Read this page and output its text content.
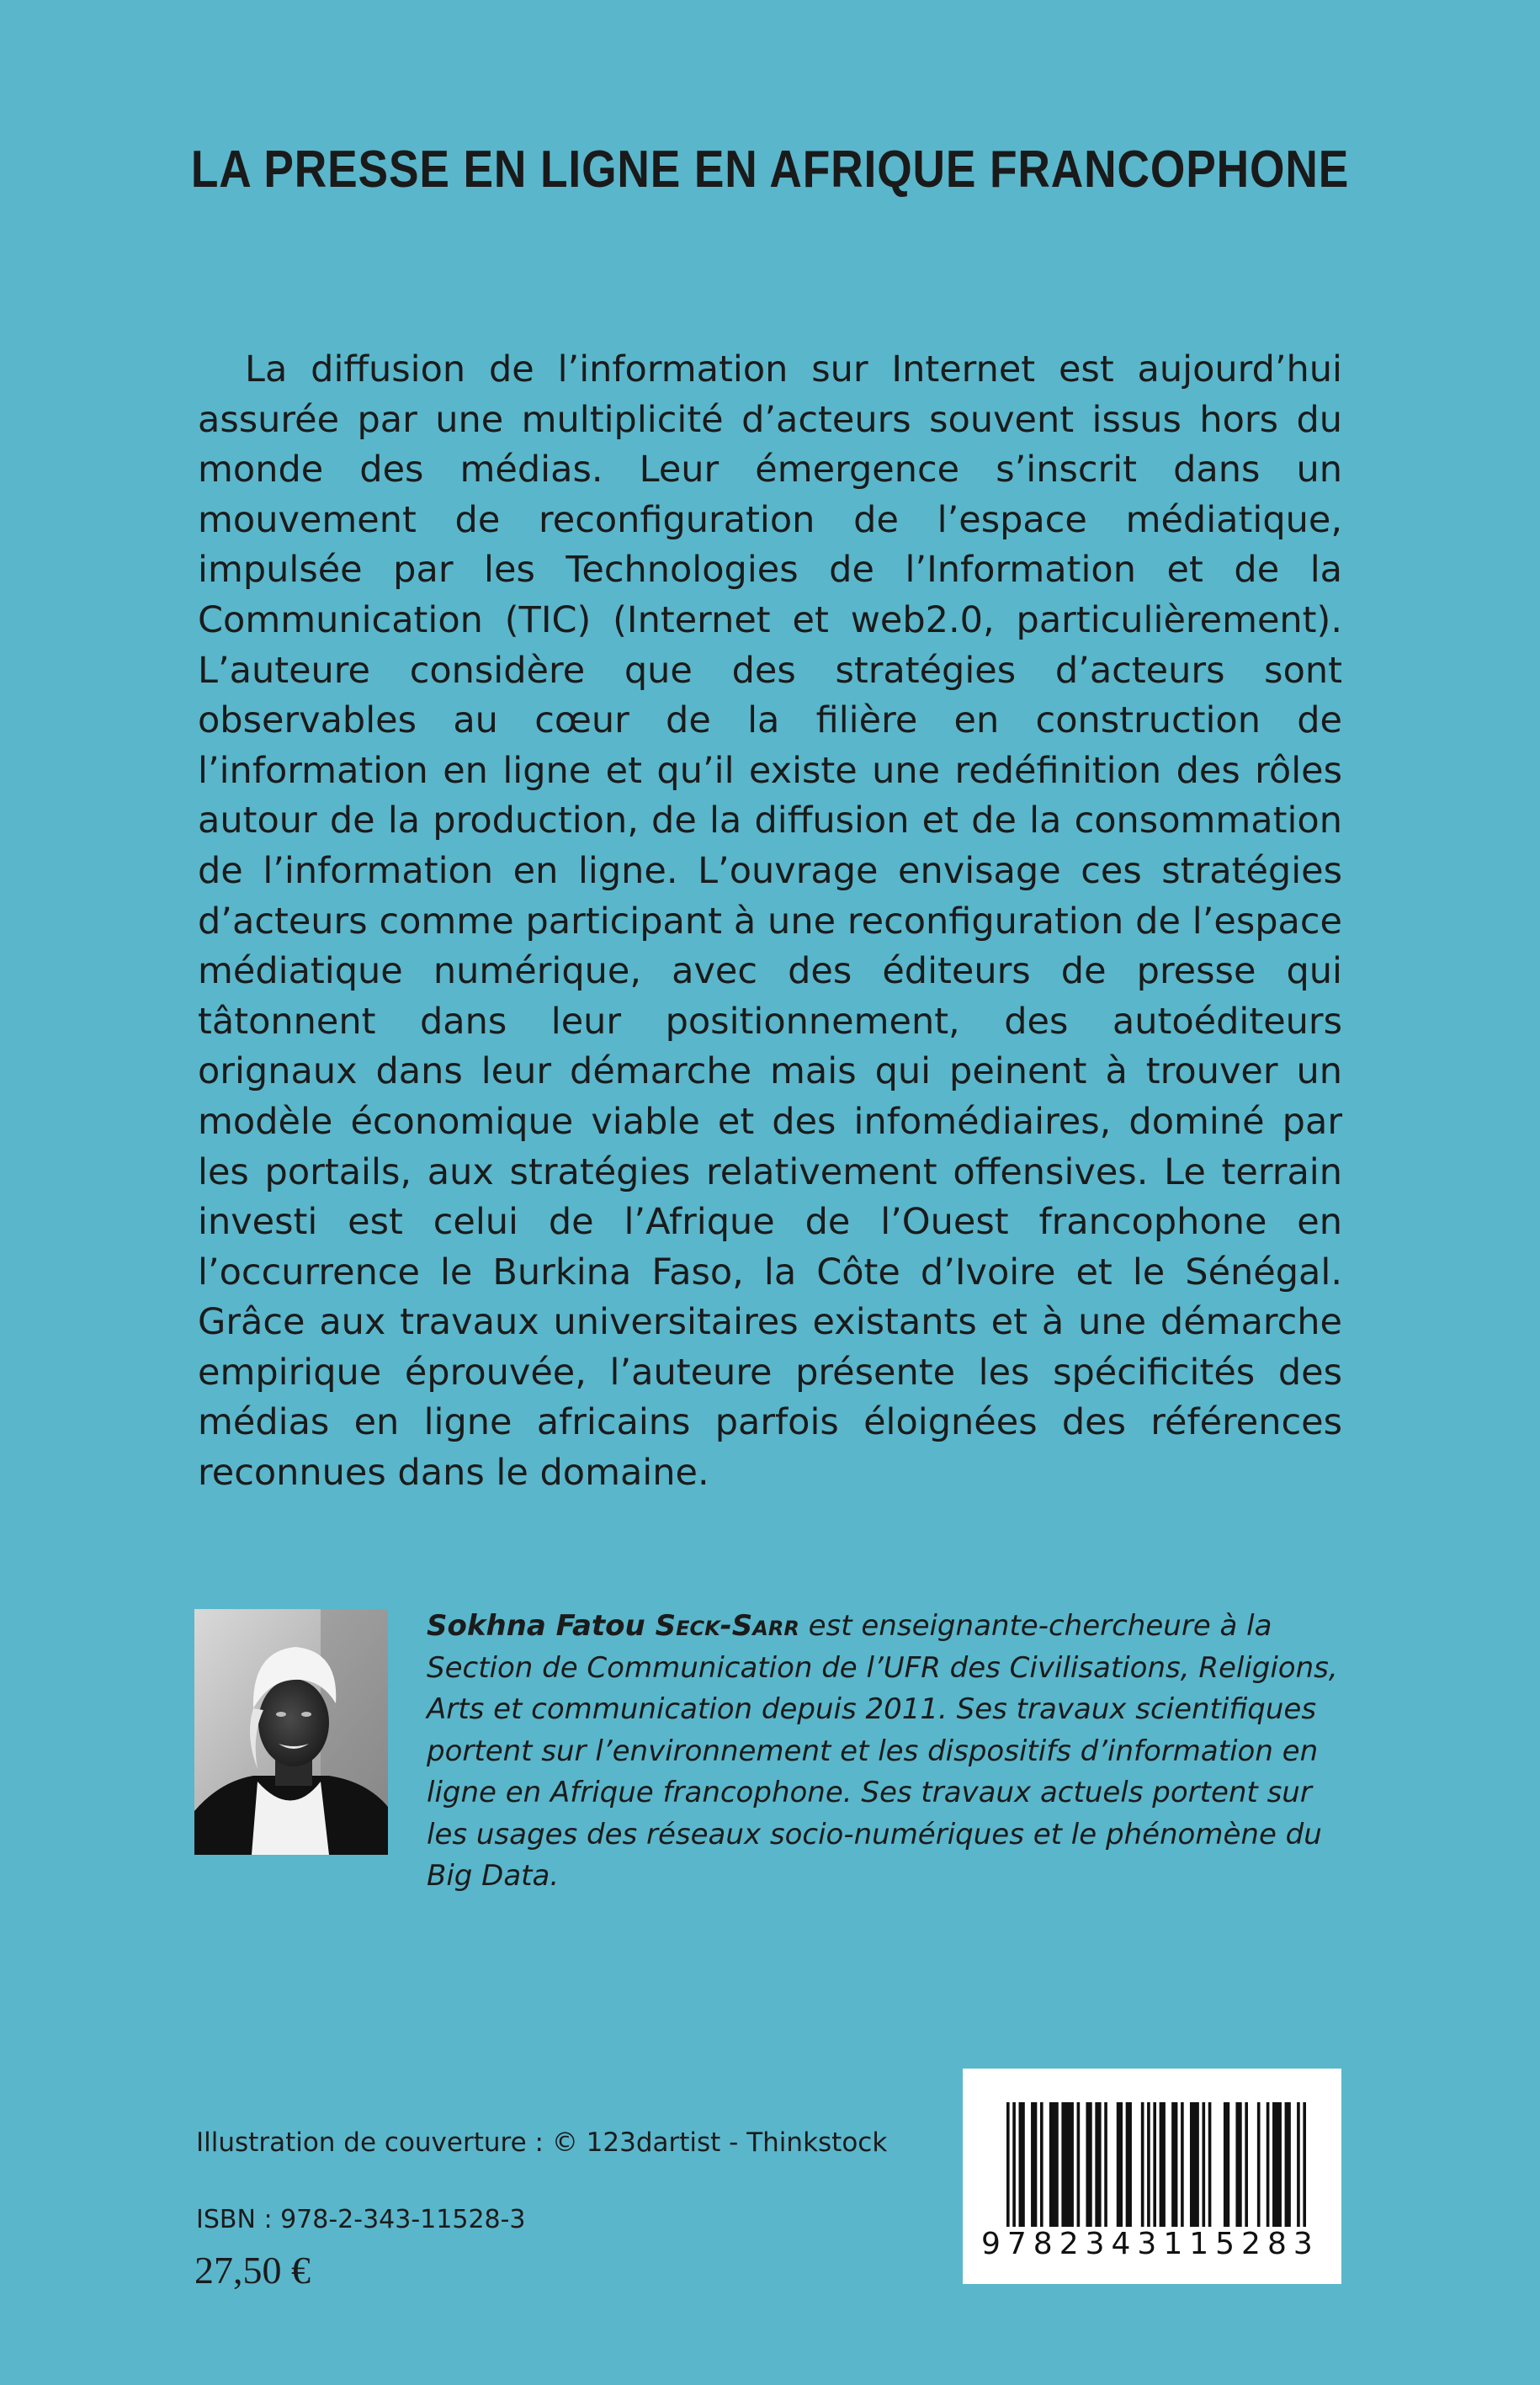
LA PRESSE EN LIGNE EN AFRIQUE FRANCOPHONE

La diffusion de l’information sur Internet est aujourd’hui assurée par une multiplicité d’acteurs souvent issus hors du monde des médias. Leur émergence s’inscrit dans un mouvement de reconfiguration de l’espace médiatique, impulsée par les Technologies de l’Information et de la Communication (TIC) (Internet et web2.0, particulièrement). L’auteure considère que des stratégies d’acteurs sont observables au cœur de la filière en construction de l’information en ligne et qu’il existe une redéfinition des rôles autour de la production, de la diffusion et de la consommation de l’information en ligne. L’ouvrage envisage ces stratégies d’acteurs comme participant à une reconfiguration de l’espace médiatique numérique, avec des éditeurs de presse qui tâtonnent dans leur positionnement, des autoéditeurs orignaux dans leur démarche mais qui peinent à trouver un modèle économique viable et des infomédiaires, dominé par les portails, aux stratégies relativement offensives. Le terrain investi est celui de l’Afrique de l’Ouest francophone en l’occurrence le Burkina Faso, la Côte d’Ivoire et le Sénégal. Grâce aux travaux universitaires existants et à une démarche empirique éprouvée, l’auteure présente les spécificités des médias en ligne africains parfois éloignées des références reconnues dans le domaine.

Sokhna Fatou Seck-Sarr est enseignante-chercheure à la Section de Communication de l’UFR des Civilisations, Religions, Arts et communication depuis 2011. Ses travaux scientifiques portent sur l’environnement et les dispositifs d’information en ligne en Afrique francophone. Ses travaux actuels portent sur les usages des réseaux socio-numériques et le phénomène du Big Data.

Illustration de couverture : © 123dartist - Thinkstock
ISBN : 978-2-343-11528-3
27,50 €
9782343115283
